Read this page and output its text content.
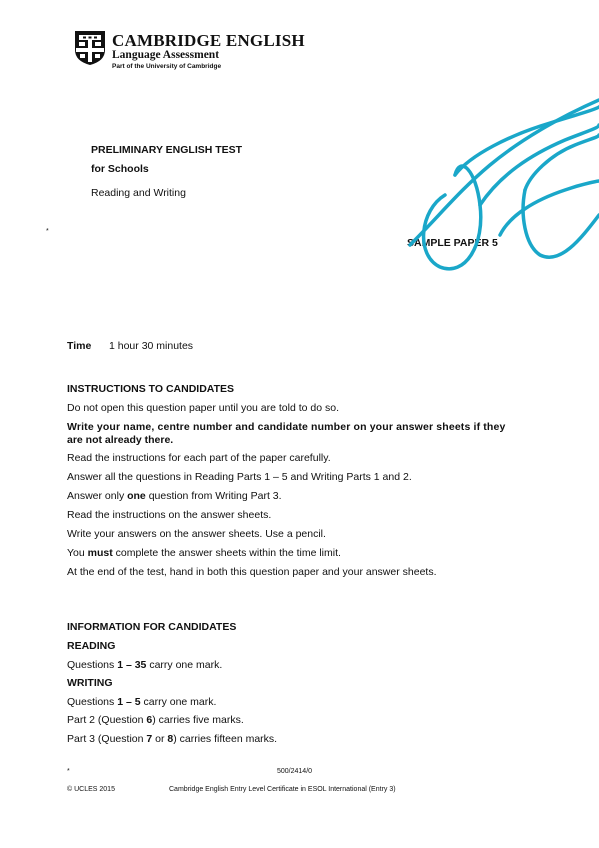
CAMBRIDGE ENGLISH
Language Assessment
Part of the University of Cambridge
PRELIMINARY ENGLISH TEST
for Schools
Reading and Writing
*
SAMPLE PAPER 5
Time 1 hour 30 minutes
INSTRUCTIONS TO CANDIDATES
Do not open this question paper until you are told to do so.
Write your name, centre number and candidate number on your answer sheets if they
are not already there.
Read the instructions for each part of the paper carefully.
Answer all the questions in Reading Parts 1 – 5 and Writing Parts 1 and 2.
Answer only one question from Writing Part 3.
Read the instructions on the answer sheets.
Write your answers on the answer sheets. Use a pencil.
You must complete the answer sheets within the time limit.
At the end of the test, hand in both this question paper and your answer sheets.
INFORMATION FOR CANDIDATES
READING
Questions 1 – 35 carry one mark.
WRITING
Questions 1 – 5 carry one mark.
Part 2 (Question 6) carries five marks.
Part 3 (Question 7 or 8) carries fifteen marks.
*	500/2414/0
© UCLES 2015	Cambridge English Entry Level Certificate in ESOL International (Entry 3)
